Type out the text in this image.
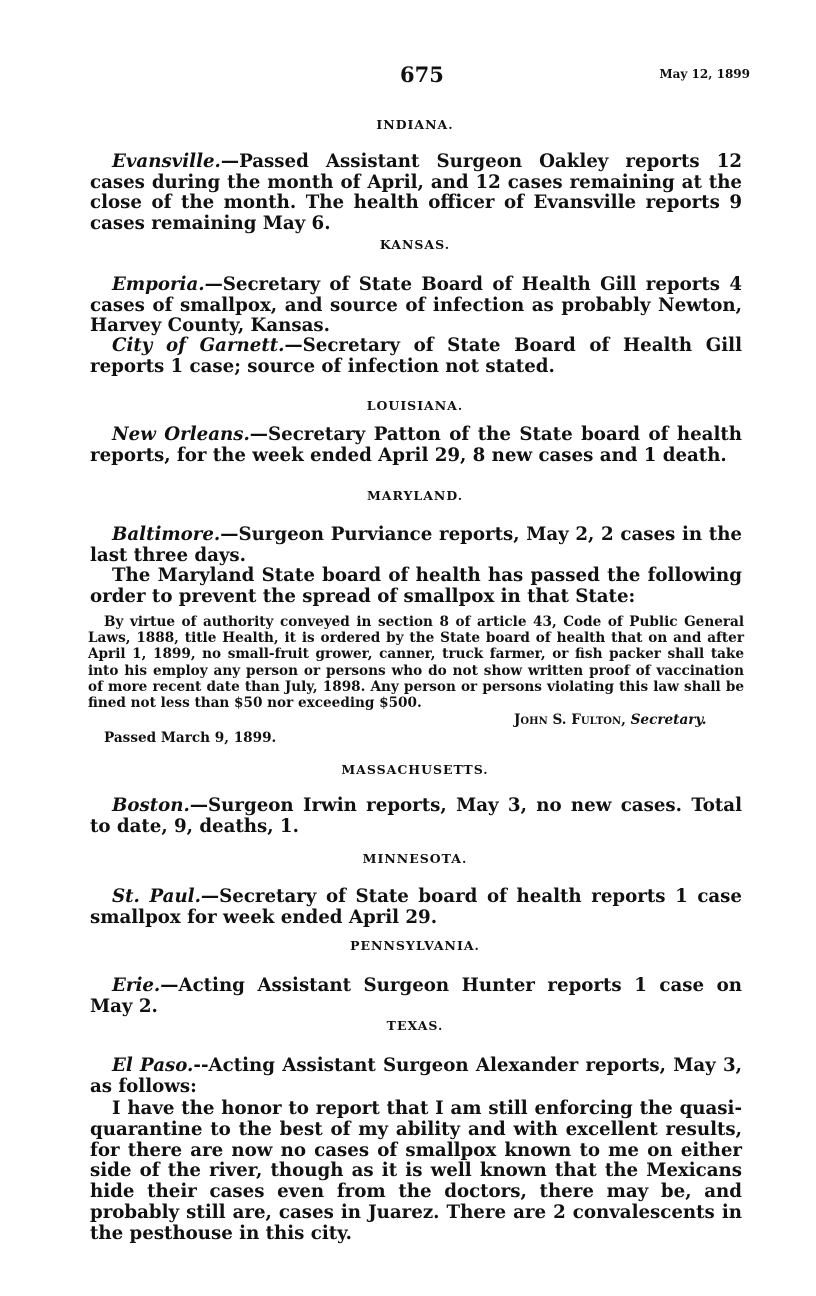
675	May 12, 1899
INDIANA.
Evansville.—Passed Assistant Surgeon Oakley reports 12 cases during the month of April, and 12 cases remaining at the close of the month. The health officer of Evansville reports 9 cases remaining May 6.
KANSAS.
Emporia.—Secretary of State Board of Health Gill reports 4 cases of smallpox, and source of infection as probably Newton, Harvey County, Kansas.
City of Garnett.—Secretary of State Board of Health Gill reports 1 case; source of infection not stated.
LOUISIANA.
New Orleans.—Secretary Patton of the State board of health reports, for the week ended April 29, 8 new cases and 1 death.
MARYLAND.
Baltimore.—Surgeon Purviance reports, May 2, 2 cases in the last three days.
The Maryland State board of health has passed the following order to prevent the spread of smallpox in that State:
By virtue of authority conveyed in section 8 of article 43, Code of Public General Laws, 1888, title Health, it is ordered by the State board of health that on and after April 1, 1899, no small-fruit grower, canner, truck farmer, or fish packer shall take into his employ any person or persons who do not show written proof of vaccination of more recent date than July, 1898. Any person or persons violating this law shall be fined not less than $50 nor exceeding $500.
John S. Fulton, Secretary.
Passed March 9, 1899.
MASSACHUSETTS.
Boston.—Surgeon Irwin reports, May 3, no new cases. Total to date, 9, deaths, 1.
MINNESOTA.
St. Paul.—Secretary of State board of health reports 1 case smallpox for week ended April 29.
PENNSYLVANIA.
Erie.—Acting Assistant Surgeon Hunter reports 1 case on May 2.
TEXAS.
El Paso.--Acting Assistant Surgeon Alexander reports, May 3, as follows:
I have the honor to report that I am still enforcing the quasi-quarantine to the best of my ability and with excellent results, for there are now no cases of smallpox known to me on either side of the river, though as it is well known that the Mexicans hide their cases even from the doctors, there may be, and probably still are, cases in Juarez. There are 2 convalescents in the pesthouse in this city.
